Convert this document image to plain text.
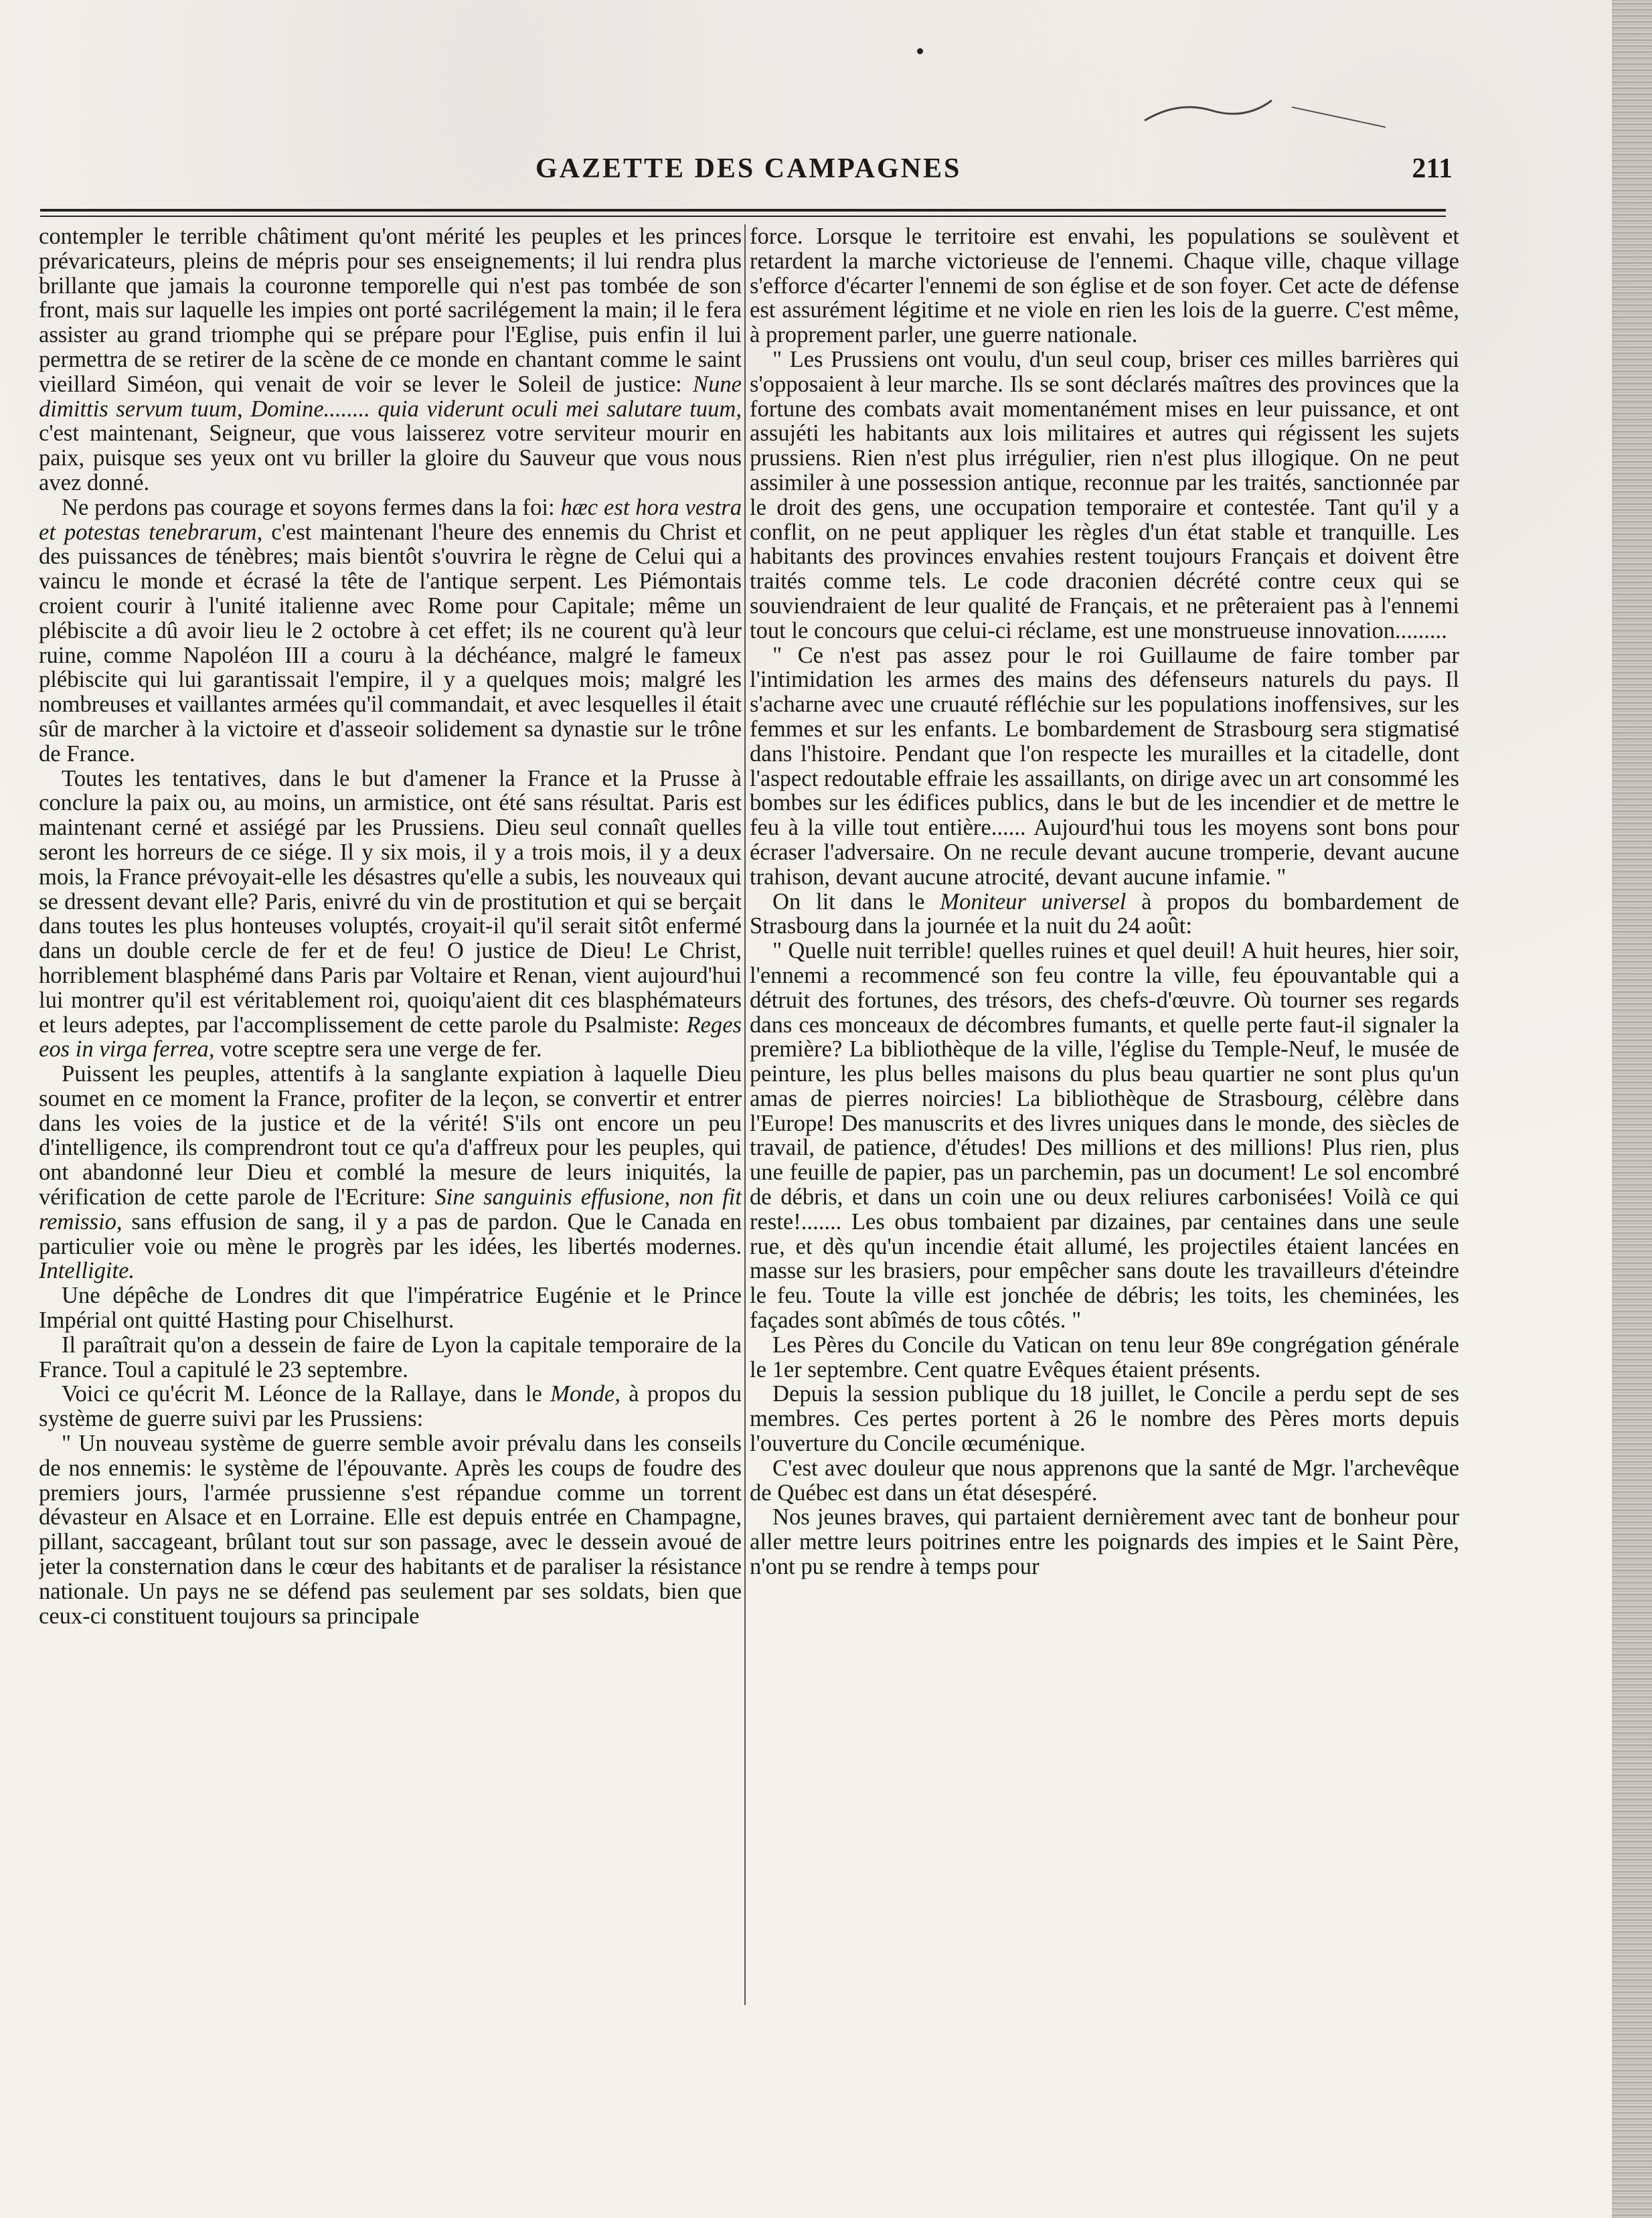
GAZETTE DES CAMPAGNES	211

contempler le terrible châtiment qu'ont mérité les peuples et les princes prévaricateurs, pleins de mépris pour ses enseignements; il lui rendra plus brillante que jamais la couronne temporelle qui n'est pas tombée de son front, mais sur laquelle les impies ont porté sacrilégement la main; il le fera assister au grand triomphe qui se prépare pour l'Eglise, puis enfin il lui permettra de se retirer de la scène de ce monde en chantant comme le saint vieillard Siméon, qui venait de voir se lever le Soleil de justice: Nune dimittis servum tuum, Domine........ quia viderunt oculi mei salutare tuum, c'est maintenant, Seigneur, que vous laisserez votre serviteur mourir en paix, puisque ses yeux ont vu briller la gloire du Sauveur que vous nous avez donné.

Ne perdons pas courage et soyons fermes dans la foi: hæc est hora vestra et potestas tenebrarum, c'est maintenant l'heure des ennemis du Christ et des puissances de ténèbres; mais bientôt s'ouvrira le règne de Celui qui a vaincu le monde et écrasé la tête de l'antique serpent. Les Piémontais croient courir à l'unité italienne avec Rome pour Capitale; même un plébiscite a dû avoir lieu le 2 octobre à cet effet; ils ne courent qu'à leur ruine, comme Napoléon III a couru à la déchéance, malgré le fameux plébiscite qui lui garantissait l'empire, il y a quelques mois; malgré les nombreuses et vaillantes armées qu'il commandait, et avec lesquelles il était sûr de marcher à la victoire et d'asseoir solidement sa dynastie sur le trône de France.

Toutes les tentatives, dans le but d'amener la France et la Prusse à conclure la paix ou, au moins, un armistice, ont été sans résultat. Paris est maintenant cerné et assiégé par les Prussiens. Dieu seul connaît quelles seront les horreurs de ce siége. Il y six mois, il y a trois mois, il y a deux mois, la France prévoyait-elle les désastres qu'elle a subis, les nouveaux qui se dressent devant elle? Paris, enivré du vin de prostitution et qui se berçait dans toutes les plus honteuses voluptés, croyait-il qu'il serait sitôt enfermé dans un double cercle de fer et de feu! O justice de Dieu! Le Christ, horriblement blasphémé dans Paris par Voltaire et Renan, vient aujourd'hui lui montrer qu'il est véritablement roi, quoiqu'aient dit ces blasphémateurs et leurs adeptes, par l'accomplissement de cette parole du Psalmiste: Reges eos in virga ferrea, votre sceptre sera une verge de fer.

Puissent les peuples, attentifs à la sanglante expiation à laquelle Dieu soumet en ce moment la France, profiter de la leçon, se convertir et entrer dans les voies de la justice et de la vérité! S'ils ont encore un peu d'intelligence, ils comprendront tout ce qu'a d'affreux pour les peuples, qui ont abandonné leur Dieu et comblé la mesure de leurs iniquités, la vérification de cette parole de l'Ecriture: Sine sanguinis effusione, non fit remissio, sans effusion de sang, il y a pas de pardon. Que le Canada en particulier voie ou mène le progrès par les idées, les libertés modernes. Intelligite.

Une dépêche de Londres dit que l'impératrice Eugénie et le Prince Impérial ont quitté Hasting pour Chiselhurst.

Il paraîtrait qu'on a dessein de faire de Lyon la capitale temporaire de la France. Toul a capitulé le 23 septembre.

Voici ce qu'écrit M. Léonce de la Rallaye, dans le Monde, à propos du système de guerre suivi par les Prussiens:

" Un nouveau système de guerre semble avoir prévalu dans les conseils de nos ennemis: le système de l'épouvante. Après les coups de foudre des premiers jours, l'armée prussienne s'est répandue comme un torrent dévasteur en Alsace et en Lorraine. Elle est depuis entrée en Champagne, pillant, saccageant, brûlant tout sur son passage, avec le dessein avoué de jeter la consternation dans le cœur des habitants et de paraliser la résistance nationale. Un pays ne se défend pas seulement par ses soldats, bien que ceux-ci constituent toujours sa principale

force. Lorsque le territoire est envahi, les populations se soulèvent et retardent la marche victorieuse de l'ennemi. Chaque ville, chaque village s'efforce d'écarter l'ennemi de son église et de son foyer. Cet acte de défense est assurément légitime et ne viole en rien les lois de la guerre. C'est même, à proprement parler, une guerre nationale.

" Les Prussiens ont voulu, d'un seul coup, briser ces milles barrières qui s'opposaient à leur marche. Ils se sont déclarés maîtres des provinces que la fortune des combats avait momentanément mises en leur puissance, et ont assujéti les habitants aux lois militaires et autres qui régissent les sujets prussiens. Rien n'est plus irrégulier, rien n'est plus illogique. On ne peut assimiler à une possession antique, reconnue par les traités, sanctionnée par le droit des gens, une occupation temporaire et contestée. Tant qu'il y a conflit, on ne peut appliquer les règles d'un état stable et tranquille. Les habitants des provinces envahies restent toujours Français et doivent être traités comme tels. Le code draconien décrété contre ceux qui se souviendraient de leur qualité de Français, et ne prêteraient pas à l'ennemi tout le concours que celui-ci réclame, est une monstrueuse innovation.........

" Ce n'est pas assez pour le roi Guillaume de faire tomber par l'intimidation les armes des mains des défenseurs naturels du pays. Il s'acharne avec une cruauté réfléchie sur les populations inoffensives, sur les femmes et sur les enfants. Le bombardement de Strasbourg sera stigmatisé dans l'histoire. Pendant que l'on respecte les murailles et la citadelle, dont l'aspect redoutable effraie les assaillants, on dirige avec un art consommé les bombes sur les édifices publics, dans le but de les incendier et de mettre le feu à la ville tout entière...... Aujourd'hui tous les moyens sont bons pour écraser l'adversaire. On ne recule devant aucune tromperie, devant aucune trahison, devant aucune atrocité, devant aucune infamie. "

On lit dans le Moniteur universel à propos du bombardement de Strasbourg dans la journée et la nuit du 24 août:

" Quelle nuit terrible! quelles ruines et quel deuil! A huit heures, hier soir, l'ennemi a recommencé son feu contre la ville, feu épouvantable qui a détruit des fortunes, des trésors, des chefs-d'œuvre. Où tourner ses regards dans ces monceaux de décombres fumants, et quelle perte faut-il signaler la première? La bibliothèque de la ville, l'église du Temple-Neuf, le musée de peinture, les plus belles maisons du plus beau quartier ne sont plus qu'un amas de pierres noircies! La bibliothèque de Strasbourg, célèbre dans l'Europe! Des manuscrits et des livres uniques dans le monde, des siècles de travail, de patience, d'études! Des millions et des millions! Plus rien, plus une feuille de papier, pas un parchemin, pas un document! Le sol encombré de débris, et dans un coin une ou deux reliures carbonisées! Voilà ce qui reste!....... Les obus tombaient par dizaines, par centaines dans une seule rue, et dès qu'un incendie était allumé, les projectiles étaient lancées en masse sur les brasiers, pour empêcher sans doute les travailleurs d'éteindre le feu. Toute la ville est jonchée de débris; les toits, les cheminées, les façades sont abîmés de tous côtés. "

Les Pères du Concile du Vatican on tenu leur 89e congrégation générale le 1er septembre. Cent quatre Evêques étaient présents.

Depuis la session publique du 18 juillet, le Concile a perdu sept de ses membres. Ces pertes portent à 26 le nombre des Pères morts depuis l'ouverture du Concile œcuménique.

C'est avec douleur que nous apprenons que la santé de Mgr. l'archevêque de Québec est dans un état désespéré.

Nos jeunes braves, qui partaient dernièrement avec tant de bonheur pour aller mettre leurs poitrines entre les poignards des impies et le Saint Père, n'ont pu se rendre à temps pour
